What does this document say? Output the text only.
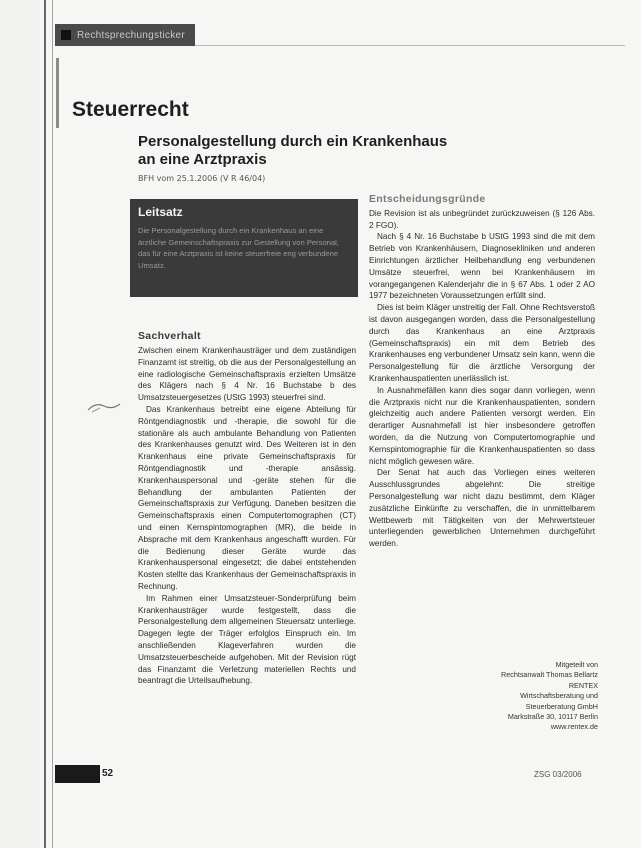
Rechtsprechungsticker
Steuerrecht
Personalgestellung durch ein Krankenhaus an eine Arztpraxis
BFH vom 25.1.2006 (V R 46/04)
Leitsatz
Die Personalgestellung durch ein Krankenhaus an eine ärztliche Gemeinschaftspraxis zur Gestellung von Personal, das für eine Arztpraxis ist keine steuerfreie eng verbundene Umsatz.
Sachverhalt

Zwischen einem Krankenhausträger und dem zuständigen Finanzamt ist streitig, ob die aus der Personalgestellung an eine radiologische Gemeinschaftspraxis erzielten Umsätze des Klägers nach § 4 Nr. 16 Buchstabe b des Umsatzsteuergesetzes (UStG 1993) steuerfrei sind.

Das Krankenhaus betreibt eine eigene Abteilung für Röntgendiagnostik und -therapie, die sowohl für die stationäre als auch ambulante Behandlung von Patienten des Krankenhauses genutzt wird. Des Weiteren ist in den Krankenhaus eine private Gemeinschaftspraxis für Röntgendiagnostik und -therapie ansässig. Krankenhauspersonal und -geräte stehen für die Behandlung der ambulanten Patienten der Gemeinschaftspraxis zur Verfügung. Daneben besitzen die Gemeinschaftspraxis einen Computertomographen (CT) und einen Kernspintomographen (MR), die beide in Absprache mit dem Krankenhaus angeschafft wurden. Für die Bedienung dieser Geräte wurde das Krankenhauspersonal eingesetzt; die dabei entstehenden Kosten stellte das Krankenhaus der Gemeinschaftspraxis in Rechnung.

Im Rahmen einer Umsatzsteuer-Sonderprüfung beim Krankenhausträger wurde festgestellt, dass die Personalgestellung dem allgemeinen Steuersatz unterliege. Dagegen legte der Träger erfolglos Einspruch ein. Im anschließenden Klageverfahren wurden die Umsatzsteuerbescheide aufgehoben. Mit der Revision rügt das Finanzamt die Verletzung materiellen Rechts und beantragt die Urteilsaufhebung.

Entscheidungsgründe

Die Revision ist als unbegründet zurückzuweisen (§ 126 Abs. 2 FGO).

Nach § 4 Nr. 16 Buchstabe b UStG 1993 sind die mit dem Betrieb von Krankenhäusern, Diagnosekliniken und anderen Einrichtungen ärztlicher Heilbehandlung eng verbundenen Umsätze steuerfrei, wenn bei Krankenhäusern im vorangegangenen Kalenderjahr die in § 67 Abs. 1 oder 2 AO 1977 bezeichneten Voraussetzungen erfüllt sind.

Dies ist beim Kläger unstreitig der Fall. Ohne Rechtsverstoß ist davon ausgegangen worden, dass die Personalgestellung durch das Krankenhaus an eine Arztpraxis (Gemeinschaftspraxis) ein mit dem Betrieb des Krankenhauses eng verbundener Umsatz sein kann, wenn die Personalgestellung für die ärztliche Versorgung der Krankenhauspatienten unerlässlich ist.

In Ausnahmefällen kann dies sogar dann vorliegen, wenn die Arztpraxis nicht nur die Krankenhauspatienten, sondern gleichzeitig auch andere Patienten versorgt werden. Ein derartiger Ausnahmefall ist hier insbesondere getroffen worden, da die Nutzung von Computertomographie und Kernspintomographie für die Krankenhauspatienten so dass nicht möglich gewesen wäre.

Der Senat hat auch das Vorliegen eines weiteren Ausschlussgrundes abgelehnt: Die streitige Personalgestellung war nicht dazu bestimmt, dem Kläger zusätzliche Einkünfte zu verschaffen, die in unmittelbarem Wettbewerb mit Tätigkeiten von der Mehrwertsteuer unterliegenden gewerblichen Unternehmen durchgeführt werden.

Mitgeteilt von
Rechtsanwalt Thomas Bellartz
RENTEX
Wirtschaftsberatung und
Steuerberatung GmbH
Markstraße 30, 10117 Berlin
www.rentex.de
52	ZSG 03/2006
